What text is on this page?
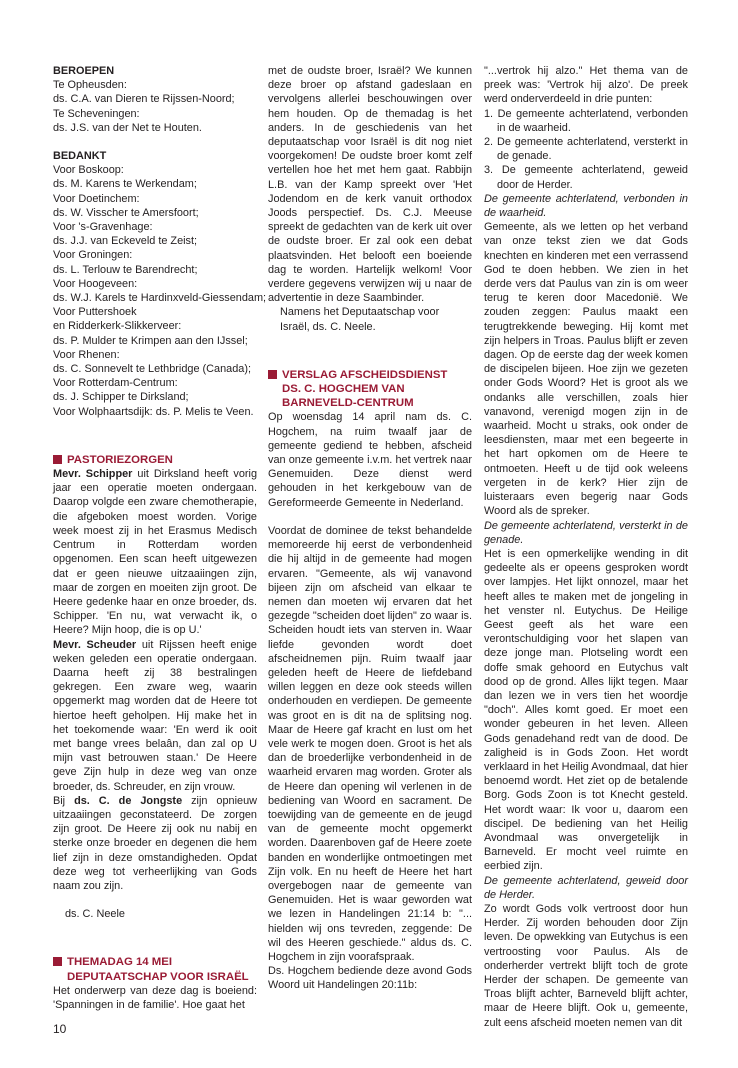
BEROEPEN
Te Opheusden:
ds. C.A. van Dieren te Rijssen-Noord;
Te Scheveningen:
ds. J.S. van der Net te Houten.
BEDANKT
Voor Boskoop:
ds. M. Karens te Werkendam;
Voor Doetinchem:
ds. W. Visscher te Amersfoort;
Voor 's-Gravenhage:
ds. J.J. van Eckeveld te Zeist;
Voor Groningen:
ds. L. Terlouw te Barendrecht;
Voor Hoogeveen:
ds. W.J. Karels te Hardinxveld-Giessendam;
Voor Puttershoek
en Ridderkerk-Slikkerveer:
ds. P. Mulder te Krimpen aan den IJssel;
Voor Rhenen:
ds. C. Sonnevelt te Lethbridge (Canada);
Voor Rotterdam-Centrum:
ds. J. Schipper te Dirksland;
Voor Wolphaartsdijk: ds. P. Melis te Veen.
PASTORIEZORGEN

Mevr. Schipper uit Dirksland heeft vorig jaar een operatie moeten ondergaan. Daarop volgde een zware chemotherapie, die afgeboken moest worden. Vorige week moest zij in het Erasmus Medisch Centrum in Rotterdam worden opgenomen. Een scan heeft uitgewezen dat er geen nieuwe uitzaaiingen zijn, maar de zorgen en moeiten zijn groot. De Heere gedenke haar en onze broeder, ds. Schipper. 'En nu, wat verwacht ik, o Heere? Mijn hoop, die is op U.'

Mevr. Scheuder uit Rijssen heeft enige weken geleden een operatie ondergaan. Daarna heeft zij 38 bestralingen gekregen. Een zware weg, waarin opgemerkt mag worden dat de Heere tot hiertoe heeft geholpen. Hij make het in het toekomende waar: 'En werd ik ooit met bange vrees belaân, dan zal op U mijn vast betrouwen staan.' De Heere geve Zijn hulp in deze weg van onze broeder, ds. Schreuder, en zijn vrouw.

Bij ds. C. de Jongste zijn opnieuw uitzaaiingen geconstateerd. De zorgen zijn groot. De Heere zij ook nu nabij en sterke onze broeder en degenen die hem lief zijn in deze omstandigheden. Opdat deze weg tot verheerlijking van Gods naam zou zijn.

ds. C. Neele

THEMADAG 14 MEI
DEPUTAATSCHAP VOOR ISRAËL

Het onderwerp van deze dag is boeiend: 'Spanningen in de familie'. Hoe gaat het

met de oudste broer, Israël? We kunnen deze broer op afstand gadeslaan en vervolgens allerlei beschouwingen over hem houden. Op de themadag is het anders. In de geschiedenis van het deputaatschap voor Israël is dit nog niet voorgekomen! De oudste broer komt zelf vertellen hoe het met hem gaat. Rabbijn L.B. van der Kamp spreekt over 'Het Jodendom en de kerk vanuit orthodox Joods perspectief. Ds. C.J. Meeuse spreekt de gedachten van de kerk uit over de oudste broer. Er zal ook een debat plaatsvinden. Het belooft een boeiende dag te worden. Hartelijk welkom! Voor verdere gegevens verwijzen wij u naar de advertentie in deze Saambinder.

Namens het Deputaatschap voor
Israël, ds. C. Neele.

VERSLAG AFSCHEIDSDIENST
DS. C. HOGCHEM VAN
BARNEVELD-CENTRUM

Op woensdag 14 april nam ds. C. Hogchem, na ruim twaalf jaar de gemeente gediend te hebben, afscheid van onze gemeente i.v.m. het vertrek naar Genemuiden. Deze dienst werd gehouden in het kerkgebouw van de Gereformeerde Gemeente in Nederland.

Voordat de dominee de tekst behandelde memoreerde hij eerst de verbondenheid die hij altijd in de gemeente had mogen ervaren. "Gemeente, als wij vanavond bijeen zijn om afscheid van elkaar te nemen dan moeten wij ervaren dat het gezegde "scheiden doet lijden" zo waar is. Scheiden houdt iets van sterven in. Waar liefde gevonden wordt doet afscheidnemen pijn. Ruim twaalf jaar geleden heeft de Heere de liefdeband willen leggen en deze ook steeds willen onderhouden en verdiepen. De gemeente was groot en is dit na de splitsing nog. Maar de Heere gaf kracht en lust om het vele werk te mogen doen. Groot is het als dan de broederlijke verbondenheid in de waarheid ervaren mag worden. Groter als de Heere dan opening wil verlenen in de bediening van Woord en sacrament. De toewijding van de gemeente en de jeugd van de gemeente mocht opgemerkt worden. Daarenboven gaf de Heere zoete banden en wonderlijke ontmoetingen met Zijn volk. En nu heeft de Heere het hart overgebogen naar de gemeente van Genemuiden. Het is waar geworden wat we lezen in Handelingen 21:14 b: "... hielden wij ons tevreden, zeggende: De wil des Heeren geschiede." aldus ds. C. Hogchem in zijn voorafspraak.

Ds. Hogchem bediende deze avond Gods Woord uit Handelingen 20:11b:

"...vertrok hij alzo." Het thema van de preek was: 'Vertrok hij alzo'. De preek werd onderverdeeld in drie punten:

1. De gemeente achterlatend, verbonden in de waarheid.

2. De gemeente achterlatend, versterkt in de genade.

3. De gemeente achterlatend, geweid door de Herder.

De gemeente achterlatend, verbonden in de waarheid.

Gemeente, als we letten op het verband van onze tekst zien we dat Gods knechten en kinderen met een verrassend God te doen hebben. We zien in het derde vers dat Paulus van zin is om weer terug te keren door Macedonië. We zouden zeggen: Paulus maakt een terugtrekkende beweging. Hij komt met zijn helpers in Troas. Paulus blijft er zeven dagen. Op de eerste dag der week komen de discipelen bijeen. Hoe zijn we gezeten onder Gods Woord? Het is groot als we ondanks alle verschillen, zoals hier vanavond, verenigd mogen zijn in de waarheid. Mocht u straks, ook onder de leesdiensten, maar met een begeerte in het hart opkomen om de Heere te ontmoeten. Heeft u de tijd ook weleens vergeten in de kerk? Hier zijn de luisteraars even begerig naar Gods Woord als de spreker.

De gemeente achterlatend, versterkt in de genade.

Het is een opmerkelijke wending in dit gedeelte als er opeens gesproken wordt over lampjes. Het lijkt onnozel, maar het heeft alles te maken met de jongeling in het venster nl. Eutychus. De Heilige Geest geeft als het ware een verontschuldiging voor het slapen van deze jonge man. Plotseling wordt een doffe smak gehoord en Eutychus valt dood op de grond. Alles lijkt tegen. Maar dan lezen we in vers tien het woordje "doch". Alles komt goed. Er moet een wonder gebeuren in het leven. Alleen Gods genadehand redt van de dood. De zaligheid is in Gods Zoon. Het wordt verklaard in het Heilig Avondmaal, dat hier benoemd wordt. Het ziet op de betalende Borg. Gods Zoon is tot Knecht gesteld. Het wordt waar: Ik voor u, daarom een discipel. De bediening van het Heilig Avondmaal was onvergetelijk in Barneveld. Er mocht veel ruimte en eerbied zijn.

De gemeente achterlatend, geweid door de Herder.

Zo wordt Gods volk vertroost door hun Herder. Zij worden behouden door Zijn leven. De opwekking van Eutychus is een vertroosting voor Paulus. Als de onderherder vertrekt blijft toch de grote Herder der schapen. De gemeente van Troas blijft achter, Barneveld blijft achter, maar de Heere blijft. Ook u, gemeente, zult eens afscheid moeten nemen van dit

10
